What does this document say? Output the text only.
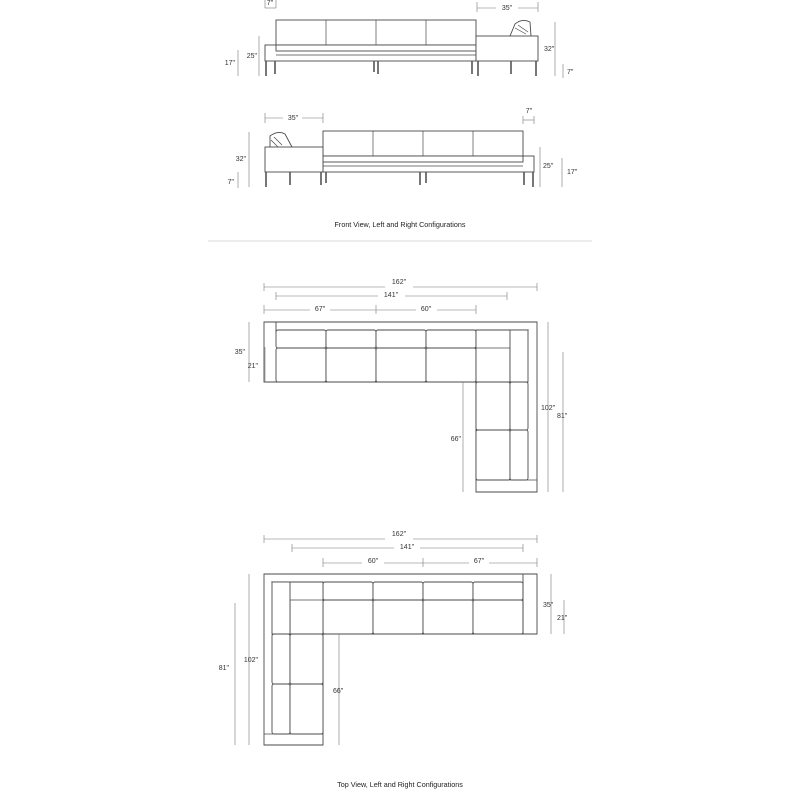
7"
35"
25"
17"
32"
7"
35"
7"
32"
7"
25"
17"
Front View, Left and Right Configurations
162"
141"
67"	60"
35"
21"
66"
102"
81"
162"
141"
60"	67"
81"
102"
66"
35"
21"
Top View, Left and Right Configurations
